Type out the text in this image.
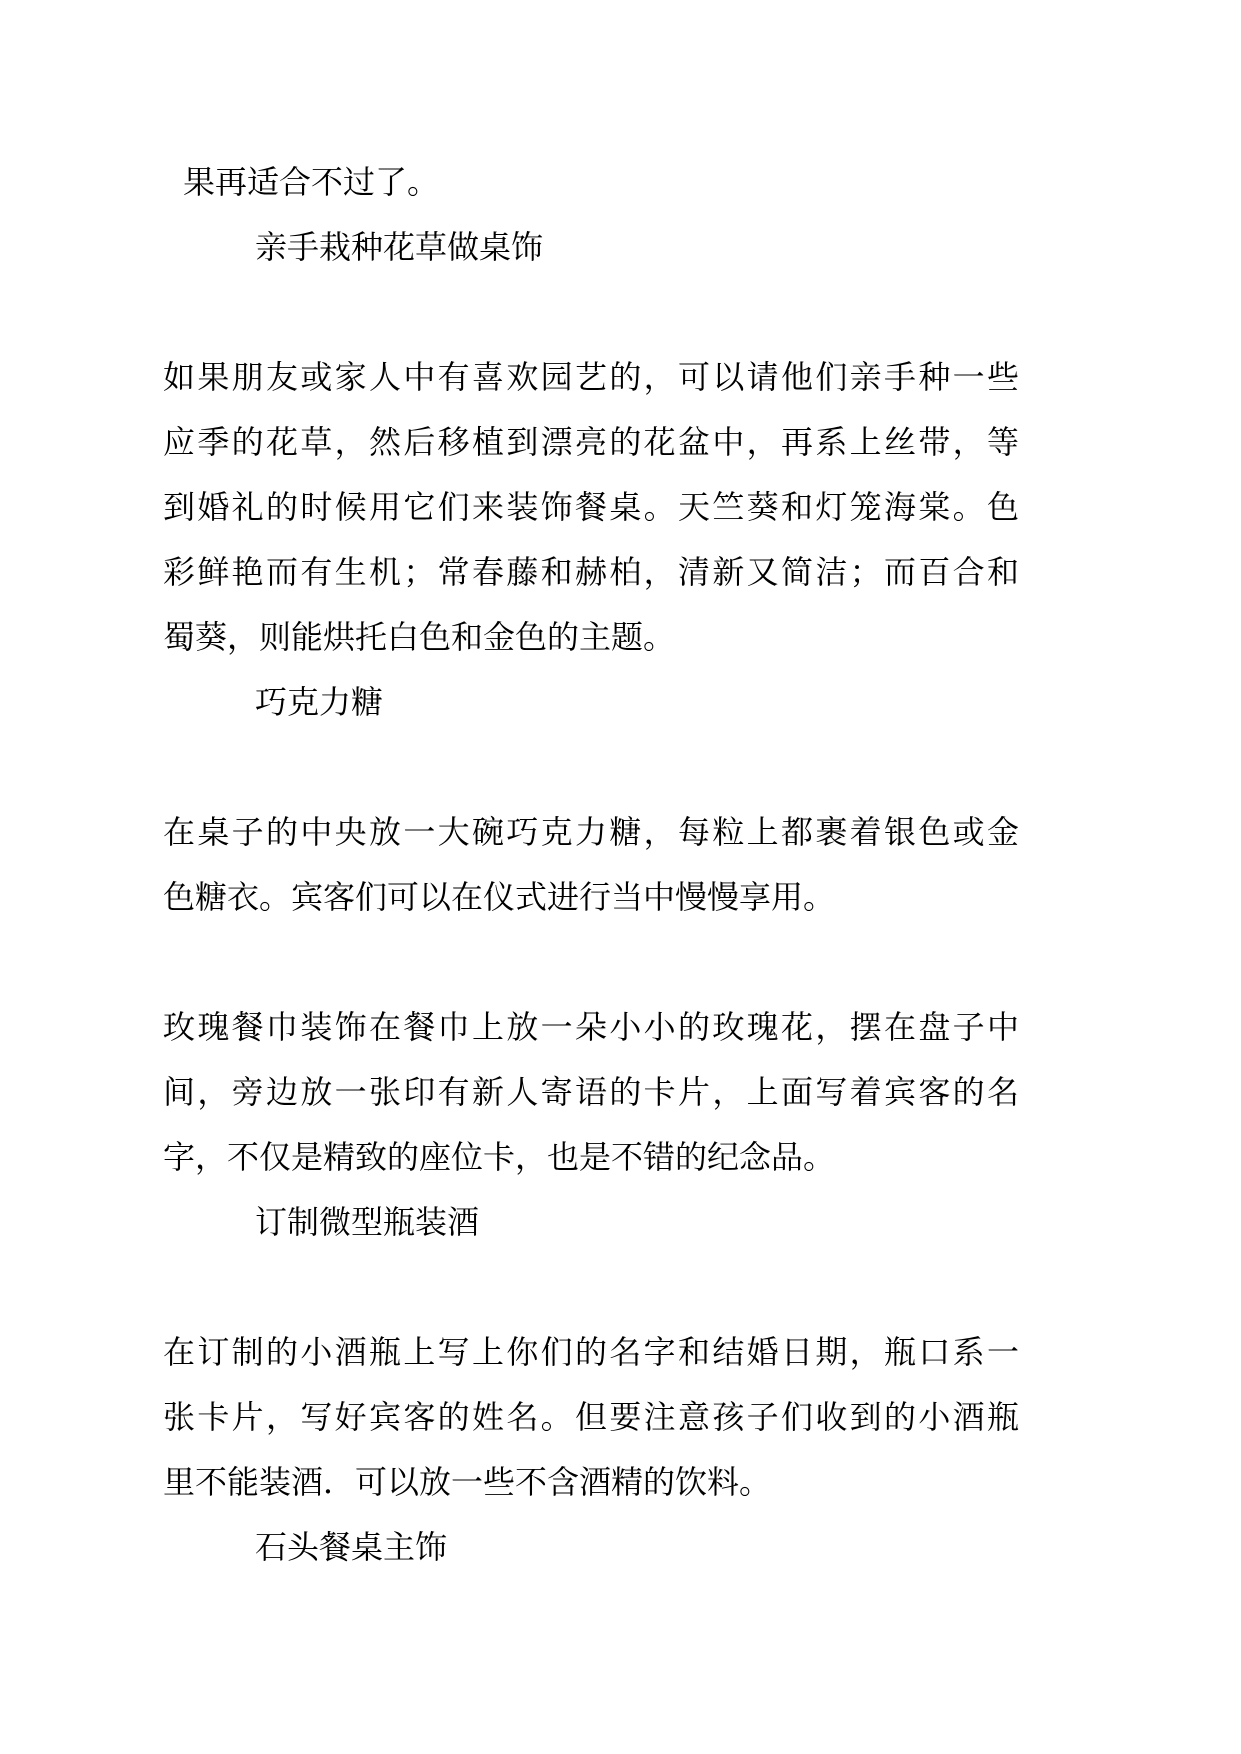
果再适合不过了。

亲手栽种花草做桌饰

如果朋友或家人中有喜欢园艺的，可以请他们亲手种一些
应季的花草，然后移植到漂亮的花盆中，再系上丝带，等
到婚礼的时候用它们来装饰餐桌。天竺葵和灯笼海棠。色
彩鲜艳而有生机；常春藤和赫柏，清新又简洁；而百合和
蜀葵，则能烘托白色和金色的主题。

巧克力糖

在桌子的中央放一大碗巧克力糖，每粒上都裹着银色或金
色糖衣。宾客们可以在仪式进行当中慢慢享用。

玫瑰餐巾装饰在餐巾上放一朵小小的玫瑰花，摆在盘子中
间，旁边放一张印有新人寄语的卡片，上面写着宾客的名
字，不仅是精致的座位卡，也是不错的纪念品。

订制微型瓶装酒

在订制的小酒瓶上写上你们的名字和结婚日期，瓶口系一
张卡片，写好宾客的姓名。但要注意孩子们收到的小酒瓶
里不能装酒．可以放一些不含酒精的饮料。

石头餐桌主饰
